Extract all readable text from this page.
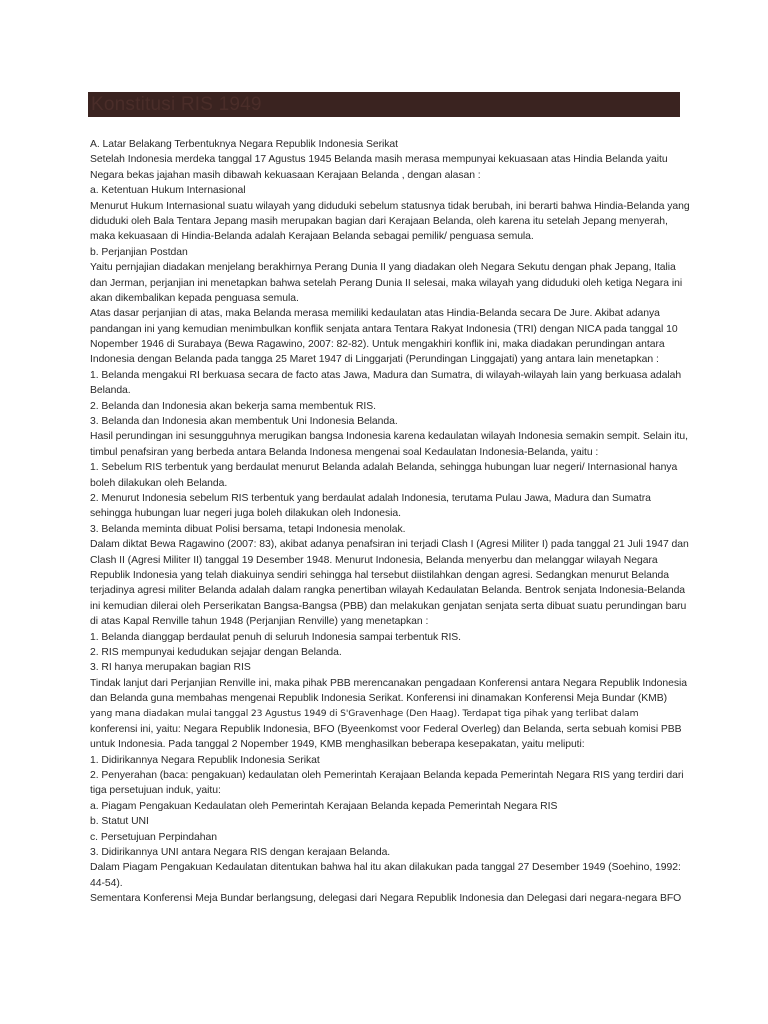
Konstitusi RIS 1949
A. Latar Belakang Terbentuknya Negara Republik Indonesia Serikat
Setelah Indonesia merdeka tanggal 17 Agustus 1945 Belanda masih merasa mempunyai kekuasaan atas Hindia Belanda yaitu
Negara bekas jajahan masih dibawah kekuasaan Kerajaan Belanda , dengan alasan :
a. Ketentuan Hukum Internasional
Menurut Hukum Internasional suatu wilayah yang diduduki sebelum statusnya tidak berubah, ini berarti bahwa Hindia-Belanda yang
diduduki oleh Bala Tentara Jepang masih merupakan bagian dari Kerajaan Belanda, oleh karena itu setelah Jepang menyerah,
maka kekuasaan di Hindia-Belanda adalah Kerajaan Belanda sebagai pemilik/ penguasa semula.
b. Perjanjian Postdan
Yaitu pernjajian diadakan menjelang berakhirnya Perang Dunia II yang diadakan oleh Negara Sekutu dengan phak Jepang, Italia
dan Jerman, perjanjian ini menetapkan bahwa setelah Perang Dunia II selesai, maka wilayah yang diduduki oleh ketiga Negara ini
akan dikembalikan kepada penguasa semula.
Atas dasar perjanjian di atas, maka Belanda merasa memiliki kedaulatan atas Hindia-Belanda secara De Jure. Akibat adanya
pandangan ini yang kemudian menimbulkan konflik senjata antara Tentara Rakyat Indonesia (TRI) dengan NICA pada tanggal 10
Nopember 1946 di Surabaya (Bewa Ragawino, 2007: 82-82). Untuk mengakhiri konflik ini, maka diadakan perundingan antara
Indonesia dengan Belanda pada tangga 25 Maret 1947 di Linggarjati (Perundingan Linggajati) yang antara lain menetapkan :
1. Belanda mengakui RI berkuasa secara de facto atas Jawa, Madura dan Sumatra, di wilayah-wilayah lain yang berkuasa adalah
Belanda.
2. Belanda dan Indonesia akan bekerja sama membentuk RIS.
3. Belanda dan Indonesia akan membentuk Uni Indonesia Belanda.
Hasil perundingan ini sesungguhnya merugikan bangsa Indonesia karena kedaulatan wilayah Indonesia semakin sempit. Selain itu,
timbul penafsiran yang berbeda antara Belanda Indonesa mengenai soal Kedaulatan Indonesia-Belanda, yaitu :
1. Sebelum RIS terbentuk yang berdaulat menurut Belanda adalah Belanda, sehingga hubungan luar negeri/ Internasional hanya
boleh dilakukan oleh Belanda.
2. Menurut Indonesia sebelum RIS terbentuk yang berdaulat adalah Indonesia, terutama Pulau Jawa, Madura dan Sumatra
sehingga hubungan luar negeri juga boleh dilakukan oleh Indonesia.
3. Belanda meminta dibuat Polisi bersama, tetapi Indonesia menolak.
Dalam diktat Bewa Ragawino (2007: 83), akibat adanya penafsiran ini terjadi Clash I (Agresi Militer I) pada tanggal 21 Juli 1947 dan
Clash II (Agresi Militer II) tanggal 19 Desember 1948. Menurut Indonesia, Belanda menyerbu dan melanggar wilayah Negara
Republik Indonesia yang telah diakuinya sendiri sehingga hal tersebut diistilahkan dengan agresi. Sedangkan menurut Belanda
terjadinya agresi militer Belanda adalah dalam rangka penertiban wilayah Kedaulatan Belanda. Bentrok senjata Indonesia-Belanda
ini kemudian dilerai oleh Perserikatan Bangsa-Bangsa (PBB) dan melakukan genjatan senjata serta dibuat suatu perundingan baru
di atas Kapal Renville tahun 1948 (Perjanjian Renville) yang menetapkan :
1. Belanda dianggap berdaulat penuh di seluruh Indonesia sampai terbentuk RIS.
2. RIS mempunyai kedudukan sejajar dengan Belanda.
3. RI hanya merupakan bagian RIS
Tindak lanjut dari Perjanjian Renville ini, maka pihak PBB merencanakan pengadaan Konferensi antara Negara Republik Indonesia
dan Belanda guna membahas mengenai Republik Indonesia Serikat. Konferensi ini dinamakan Konferensi Meja Bundar (KMB)
yang mana diadakan mulai tanggal 23 Agustus 1949 di S'Gravenhage (Den Haag). Terdapat tiga pihak yang terlibat dalam
konferensi ini, yaitu: Negara Republik Indonesia, BFO (Byeenkomst voor Federal Overleg) dan Belanda, serta sebuah komisi PBB
untuk Indonesia. Pada tanggal 2 Nopember 1949, KMB menghasilkan beberapa kesepakatan, yaitu meliputi:
1. Didirikannya Negara Republik Indonesia Serikat
2. Penyerahan (baca: pengakuan) kedaulatan oleh Pemerintah Kerajaan Belanda kepada Pemerintah Negara RIS yang terdiri dari
tiga persetujuan induk, yaitu:
a. Piagam Pengakuan Kedaulatan oleh Pemerintah Kerajaan Belanda kepada Pemerintah Negara RIS
b. Statut UNI
c. Persetujuan Perpindahan
3. Didirikannya UNI antara Negara RIS dengan kerajaan Belanda.
Dalam Piagam Pengakuan Kedaulatan ditentukan bahwa hal itu akan dilakukan pada tanggal 27 Desember 1949 (Soehino, 1992:
44-54).
Sementara Konferensi Meja Bundar berlangsung, delegasi dari Negara Republik Indonesia dan Delegasi dari negara-negara BFO
